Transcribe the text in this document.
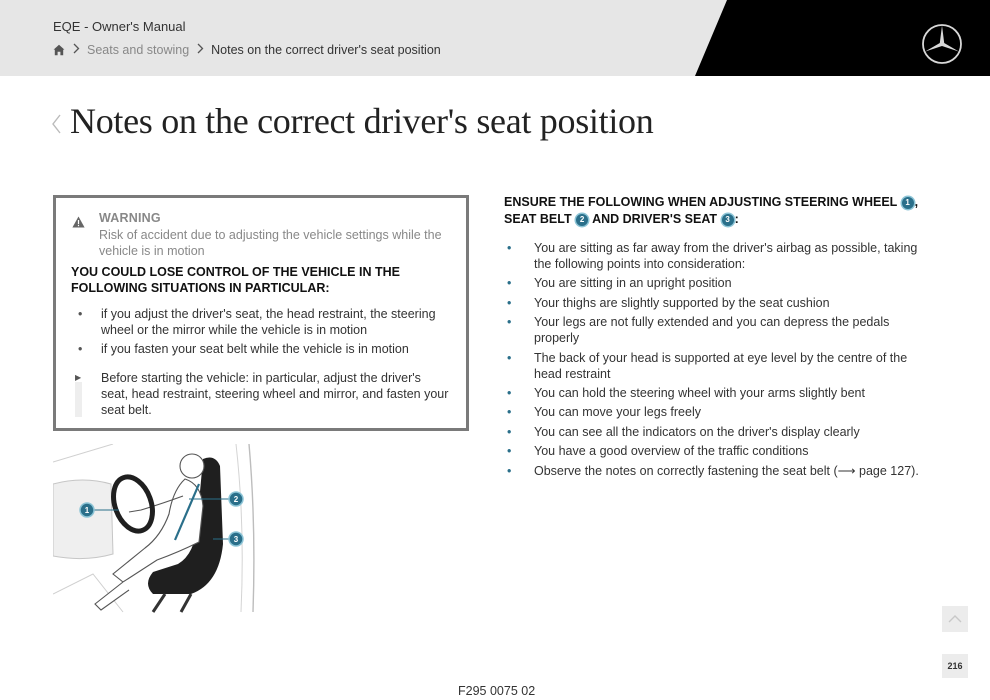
EQE - Owner's Manual
Seats and stowing Notes on the correct driver's seat position
Notes on the correct driver's seat position
WARNING
Risk of accident due to adjusting the vehicle settings while the vehicle is in motion
YOU COULD LOSE CONTROL OF THE VEHICLE IN THE FOLLOWING SITUATIONS IN PARTICULAR:
• if you adjust the driver's seat, the head restraint, the steering wheel or the mirror while the vehicle is in motion
• if you fasten your seat belt while the vehicle is in motion
▶ Before starting the vehicle: in particular, adjust the driver's seat, head restraint, steering wheel and mirror, and fasten your seat belt.
1
2
3
ENSURE THE FOLLOWING WHEN ADJUSTING STEERING WHEEL 1 , SEAT BELT 2 AND DRIVER'S SEAT 3 :
• You are sitting as far away from the driver's airbag as possible, taking the following points into consideration:
• You are sitting in an upright position
• Your thighs are slightly supported by the seat cushion
• Your legs are not fully extended and you can depress the pedals properly
• The back of your head is supported at eye level by the centre of the head restraint
• You can hold the steering wheel with your arms slightly bent
• You can move your legs freely
• You can see all the indicators on the driver's display clearly
• You have a good overview of the traffic conditions
• Observe the notes on correctly fastening the seat belt (⟶ page 127).
216
F295 0075 02
